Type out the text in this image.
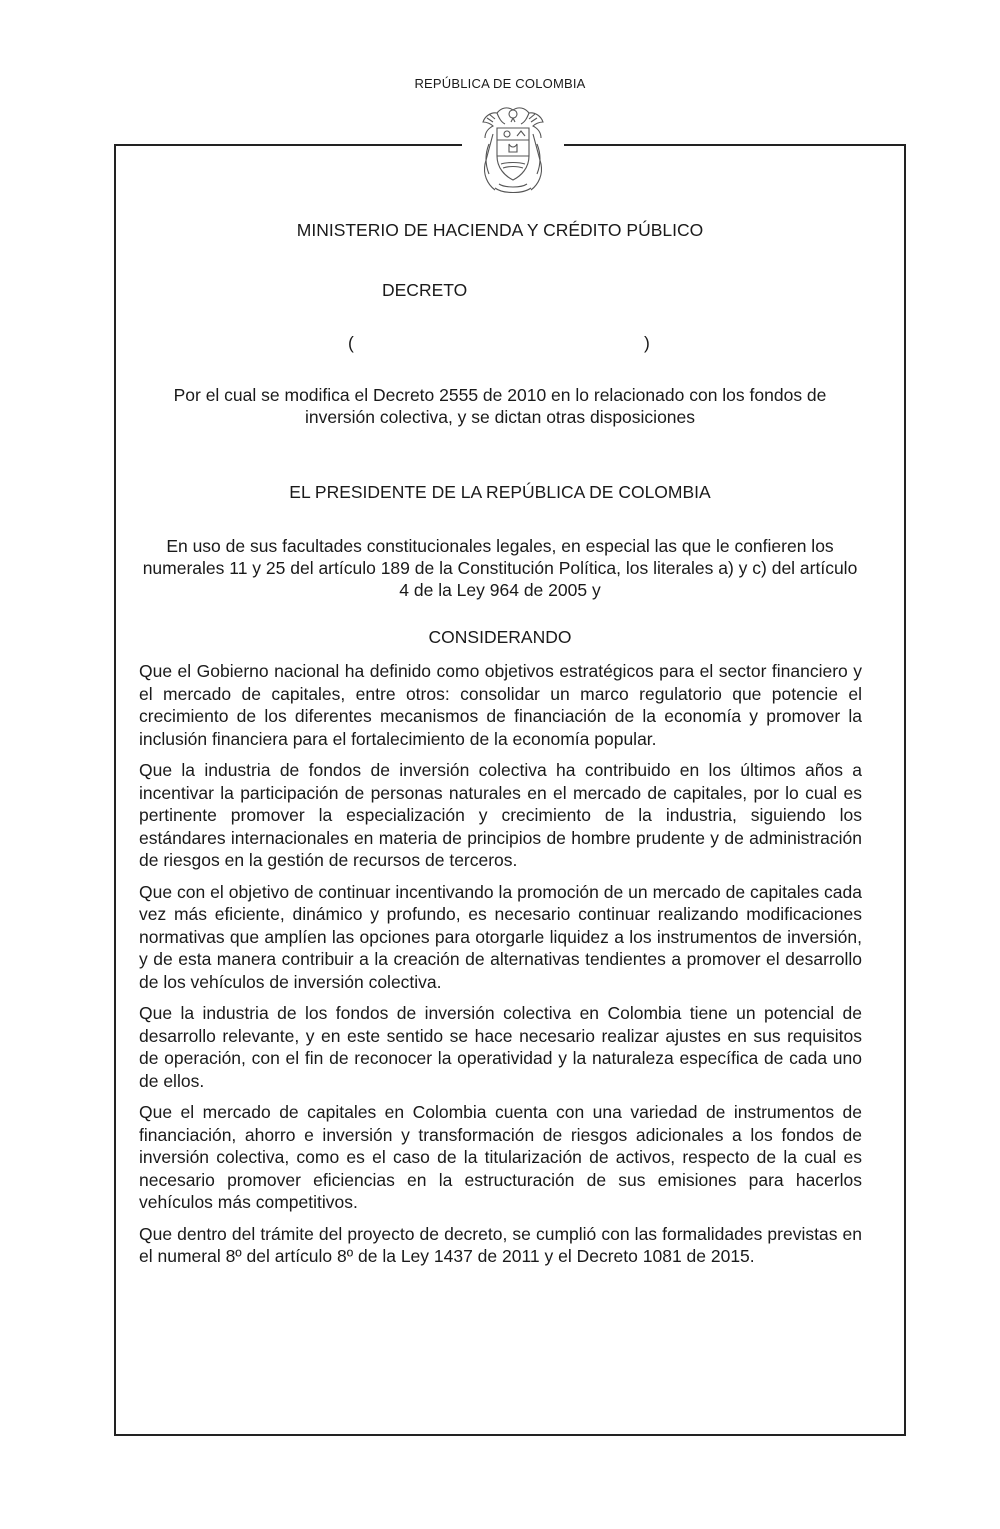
REPÚBLICA DE COLOMBIA
MINISTERIO DE HACIENDA Y CRÉDITO PÚBLICO
DECRETO
(	)
Por el cual se modifica el Decreto 2555 de 2010 en lo relacionado con los fondos de inversión colectiva, y se dictan otras disposiciones
EL PRESIDENTE DE LA REPÚBLICA DE COLOMBIA
En uso de sus facultades constitucionales legales, en especial las que le confieren los numerales 11 y 25 del artículo 189 de la Constitución Política, los literales a) y c) del artículo 4 de la Ley 964 de 2005 y
CONSIDERANDO

Que el Gobierno nacional ha definido como objetivos estratégicos para el sector financiero y el mercado de capitales, entre otros: consolidar un marco regulatorio que potencie el crecimiento de los diferentes mecanismos de financiación de la economía y promover la inclusión financiera para el fortalecimiento de la economía popular.

Que la industria de fondos de inversión colectiva ha contribuido en los últimos años a incentivar la participación de personas naturales en el mercado de capitales, por lo cual es pertinente promover la especialización y crecimiento de la industria, siguiendo los estándares internacionales en materia de principios de hombre prudente y de administración de riesgos en la gestión de recursos de terceros.

Que con el objetivo de continuar incentivando la promoción de un mercado de capitales cada vez más eficiente, dinámico y profundo, es necesario continuar realizando modificaciones normativas que amplíen las opciones para otorgarle liquidez a los instrumentos de inversión, y de esta manera contribuir a la creación de alternativas tendientes a promover el desarrollo de los vehículos de inversión colectiva.

Que la industria de los fondos de inversión colectiva en Colombia tiene un potencial de desarrollo relevante, y en este sentido se hace necesario realizar ajustes en sus requisitos de operación, con el fin de reconocer la operatividad y la naturaleza específica de cada uno de ellos.

Que el mercado de capitales en Colombia cuenta con una variedad de instrumentos de financiación, ahorro e inversión y transformación de riesgos adicionales a los fondos de inversión colectiva, como es el caso de la titularización de activos, respecto de la cual es necesario promover eficiencias en la estructuración de sus emisiones para hacerlos vehículos más competitivos.

Que dentro del trámite del proyecto de decreto, se cumplió con las formalidades previstas en el numeral 8º del artículo 8º de la Ley 1437 de 2011 y el Decreto 1081 de 2015.
